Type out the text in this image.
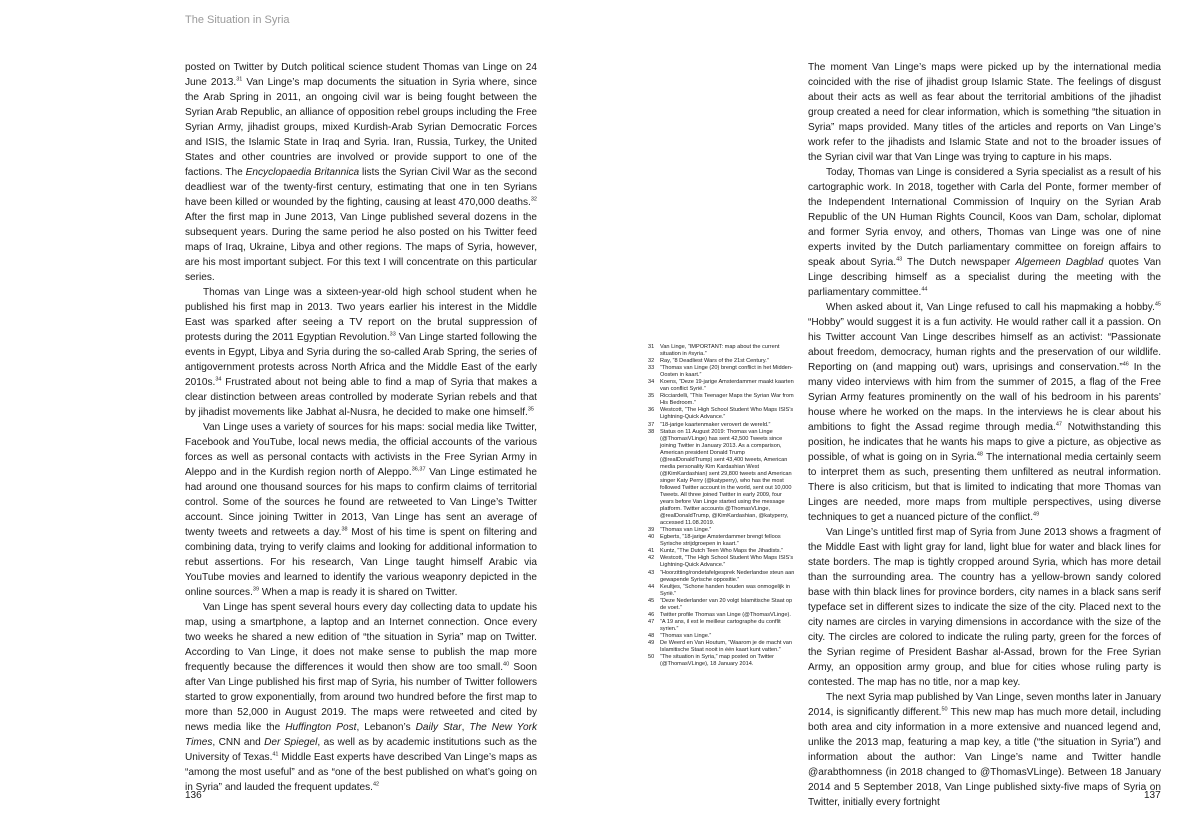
The Situation in Syria

posted on Twitter by Dutch political science student Thomas van Linge on 24 June 2013.31 Van Linge’s map documents the situation in Syria where, since the Arab Spring in 2011, an ongoing civil war is being fought between the Syrian Arab Republic, an alliance of opposition rebel groups including the Free Syrian Army, jihadist groups, mixed Kurdish-Arab Syrian Democratic Forces and ISIS, the Islamic State in Iraq and Syria. Iran, Russia, Turkey, the United States and other countries are involved or provide support to one of the factions. The Encyclopaedia Britannica lists the Syrian Civil War as the second deadliest war of the twenty-first century, estimating that one in ten Syrians have been killed or wounded by the fighting, causing at least 470,000 deaths.$^{32}$ After the first map in June 2013, Van Linge published several dozens in the subsequent years. During the same period he also posted on his Twitter feed maps of Iraq, Ukraine, Libya and other regions. The maps of Syria, however, are his most important subject. For this text I will concentrate on this particular series.

Thomas van Linge was a sixteen-year-old high school student when he published his first map in 2013. Two years earlier his interest in the Middle East was sparked after seeing a TV report on the brutal suppression of protests during the 2011 Egyptian Revolution.$^{33}$ Van Linge started following the events in Egypt, Libya and Syria during the so-called Arab Spring, the series of antigovernment protests across North Africa and the Middle East of the early 2010s.$^{34}$ Frustrated about not being able to find a map of Syria that makes a clear distinction between areas controlled by moderate Syrian rebels and that by jihadist movements like Jabhat al-Nusra, he decided to make one himself.$^{35}$

Van Linge uses a variety of sources for his maps: social media like Twitter, Facebook and YouTube, local news media, the official accounts of the various forces as well as personal contacts with activists in the Free Syrian Army in Aleppo and in the Kurdish region north of Aleppo.$^{36,37}$ Van Linge estimated he had around one thousand sources for his maps to confirm claims of territorial control. Some of the sources he found are retweeted to Van Linge’s Twitter account. Since joining Twitter in 2013, Van Linge has sent an average of twenty tweets and retweets a day.$^{38}$ Most of his time is spent on filtering and combining data, trying to verify claims and looking for additional information to rebut assertions. For his research, Van Linge taught himself Arabic via YouTube movies and learned to identify the various weaponry depicted in the online sources.$^{39}$ When a map is ready it is shared on Twitter.

Van Linge has spent several hours every day collecting data to update his map, using a smartphone, a laptop and an Internet connection. Once every two weeks he shared a new edition of “the situation in Syria” map on Twitter. According to Van Linge, it does not make sense to publish the map more frequently because the differences it would then show are too small.$^{40}$ Soon after Van Linge published his first map of Syria, his number of Twitter followers started to grow exponentially, from around two hundred before the first map to more than 52,000 in August 2019. The maps were retweeted and cited by news media like the Huffington Post, Lebanon’s Daily Star, The New York Times, CNN and Der Spiegel, as well as by academic institutions such as the University of Texas.$^{41}$ Middle East experts have described Van Linge’s maps as “among the most useful” and as “one of the best published on what’s going on in Syria” and lauded the frequent updates.$^{42}$

31 Van Linge, “IMPORTANT: map about the current situation in #syria.”
32 Ray, “8 Deadliest Wars of the 21st Century.”
33 “Thomas van Linge (20) brengt conflict in het Midden-Oosten in kaart.”
34 Koens, “Deze 19-jarige Amsterdammer maakt kaarten van conflict Syrië.”
35 Ricciardelli, “This Teenager Maps the Syrian War from His Bedroom.”
36 Westcott, “The High School Student Who Maps ISIS’s Lightning-Quick Advance.”
37 “18-jarige kaartenmaker verovert de wereld.”
38 Status on 11 August 2019: Thomas van Linge (@ThomasVLinge) has sent 42,500 Tweets since joining Twitter in January 2013. As a comparison, American president Donald Trump (@realDonaldTrump) sent 43,400 tweets, American media personality Kim Kardashian West (@KimKardashian) sent 29,800 tweets and American singer Katy Perry (@katyperry), who has the most followed Twitter account in the world, sent out 10,000 Tweets. All three joined Twitter in early 2009, four years before Van Linge started using the message platform. Twitter accounts @ThomasVLinge, @realDonaldTrump, @KimKardashian, @katyperry, accessed 11.08.2019.
39 “Thomas van Linge.”
40 Egberts, “18-jarige Amsterdammer brengt felloos Syrische strijdgroepen in kaart.”
41 Kuntz, “The Dutch Teen Who Maps the Jihadists.”
42 Westcott, “The High School Student Who Maps ISIS’s Lightning-Quick Advance.”
43 “Hoorzitting/rondetafelgesprek Nederlandse steun aan gewapende Syrische oppositie.”
44 Keultjes, “Schone handen houden was onmogelijk in Syrië.”
45 “Deze Nederlander van 20 volgt Islamitische Staat op de voet.”
46 Twitter profile Thomas van Linge (@ThomasVLinge).
47 “A 19 ans, il est le meilleur cartographe du conflit syrien.”
48 “Thomas van Linge.”
49 De Weerd en Van Houtum, “Waarom je de macht van Islamitische Staat nooit in één kaart kunt vatten.”
50 “The situation in Syria,” map posted on Twitter (@ThomasVLinge), 18 January 2014.

The moment Van Linge’s maps were picked up by the international media coincided with the rise of jihadist group Islamic State. The feelings of disgust about their acts as well as fear about the territorial ambitions of the jihadist group created a need for clear information, which is something “the situation in Syria” maps provided. Many titles of the articles and reports on Van Linge’s work refer to the jihadists and Islamic State and not to the broader issues of the Syrian civil war that Van Linge was trying to capture in his maps.

Today, Thomas van Linge is considered a Syria specialist as a result of his cartographic work. In 2018, together with Carla del Ponte, former member of the Independent International Commission of Inquiry on the Syrian Arab Republic of the UN Human Rights Council, Koos van Dam, scholar, diplomat and former Syria envoy, and others, Thomas van Linge was one of nine experts invited by the Dutch parliamentary committee on foreign affairs to speak about Syria.$^{43}$ The Dutch newspaper Algemeen Dagblad quotes Van Linge describing himself as a specialist during the meeting with the parliamentary committee.$^{44}$

When asked about it, Van Linge refused to call his mapmaking a hobby.$^{45}$ “Hobby” would suggest it is a fun activity. He would rather call it a passion. On his Twitter account Van Linge describes himself as an activist: “Passionate about freedom, democracy, human rights and the preservation of our wildlife. Reporting on (and mapping out) wars, uprisings and conservation.”$^{46}$ In the many video interviews with him from the summer of 2015, a flag of the Free Syrian Army features prominently on the wall of his bedroom in his parents’ house where he worked on the maps. In the interviews he is clear about his ambitions to fight the Assad regime through media.$^{47}$ Notwithstanding this position, he indicates that he wants his maps to give a picture, as objective as possible, of what is going on in Syria.$^{48}$ The international media certainly seem to interpret them as such, presenting them unfiltered as neutral information. There is also criticism, but that is limited to indicating that more Thomas van Linges are needed, more maps from multiple perspectives, using diverse techniques to get a nuanced picture of the conflict.$^{49}$

Van Linge’s untitled first map of Syria from June 2013 shows a fragment of the Middle East with light gray for land, light blue for water and black lines for state borders. The map is tightly cropped around Syria, which has more detail than the surrounding area. The country has a yellow-brown sandy colored base with thin black lines for province borders, city names in a black sans serif typeface set in different sizes to indicate the size of the city. Placed next to the city names are circles in varying dimensions in accordance with the size of the city. The circles are colored to indicate the ruling party, green for the forces of the Syrian regime of President Bashar al-Assad, brown for the Free Syrian Army, an opposition army group, and blue for cities whose ruling party is contested. The map has no title, nor a map key.

The next Syria map published by Van Linge, seven months later in January 2014, is significantly different.$^{50}$ This new map has much more detail, including both area and city information in a more extensive and nuanced legend and, unlike the 2013 map, featuring a map key, a title (“the situation in Syria”) and information about the author: Van Linge’s name and Twitter handle @arabthomness (in 2018 changed to @ThomasVLinge). Between 18 January 2014 and 5 September 2018, Van Linge published sixty-five maps of Syria on Twitter, initially every fortnight

136	137
